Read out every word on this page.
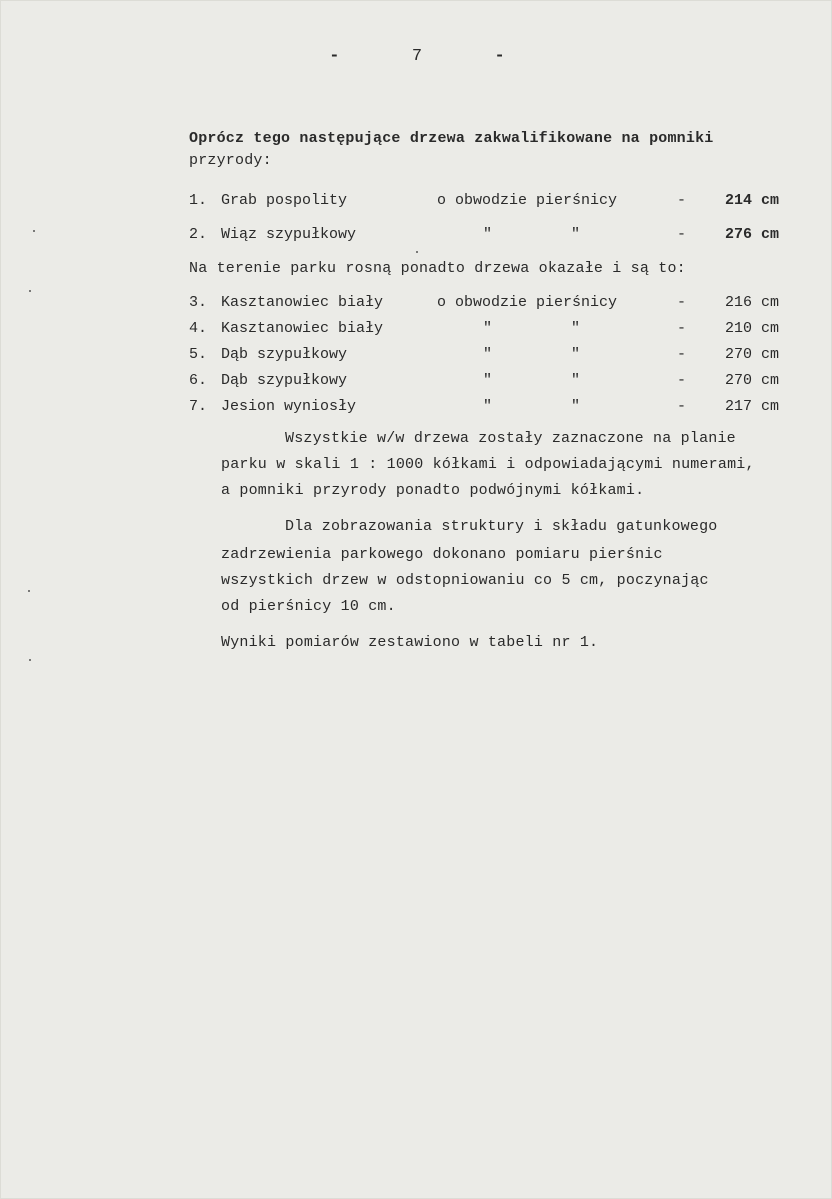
-	7	-
Oprócz tego następujące drzewa zakwalifikowane na pomniki
przyrody:
1. Grab pospolity	o obwodzie pierśnicy	-	214 cm
2. Wiąz szypułkowy	"	"	-	276 cm
Na terenie parku rosną ponadto drzewa okazałe i są to:
3. Kasztanowiec biały	o obwodzie pierśnicy	-	216 cm
4. Kasztanowiec biały	"	"	-	210 cm
5. Dąb szypułkowy	"	"	-	270 cm
6. Dąb szypułkowy	"	"	-	270 cm
7. Jesion wyniosły	"	"	-	217 cm
Wszystkie w/w drzewa zostały zaznaczone na planie
parku w skali 1 : 1000 kółkami i odpowiadającymi numerami,
a pomniki przyrody ponadto podwójnymi kółkami.
Dla zobrazowania struktury i składu gatunkowego
zadrzewienia parkowego dokonano pomiaru pierśnic
wszystkich drzew w odstopniowaniu co 5 cm, poczynając
od pierśnicy 10 cm.
Wyniki pomiarów zestawiono w tabeli nr 1.
